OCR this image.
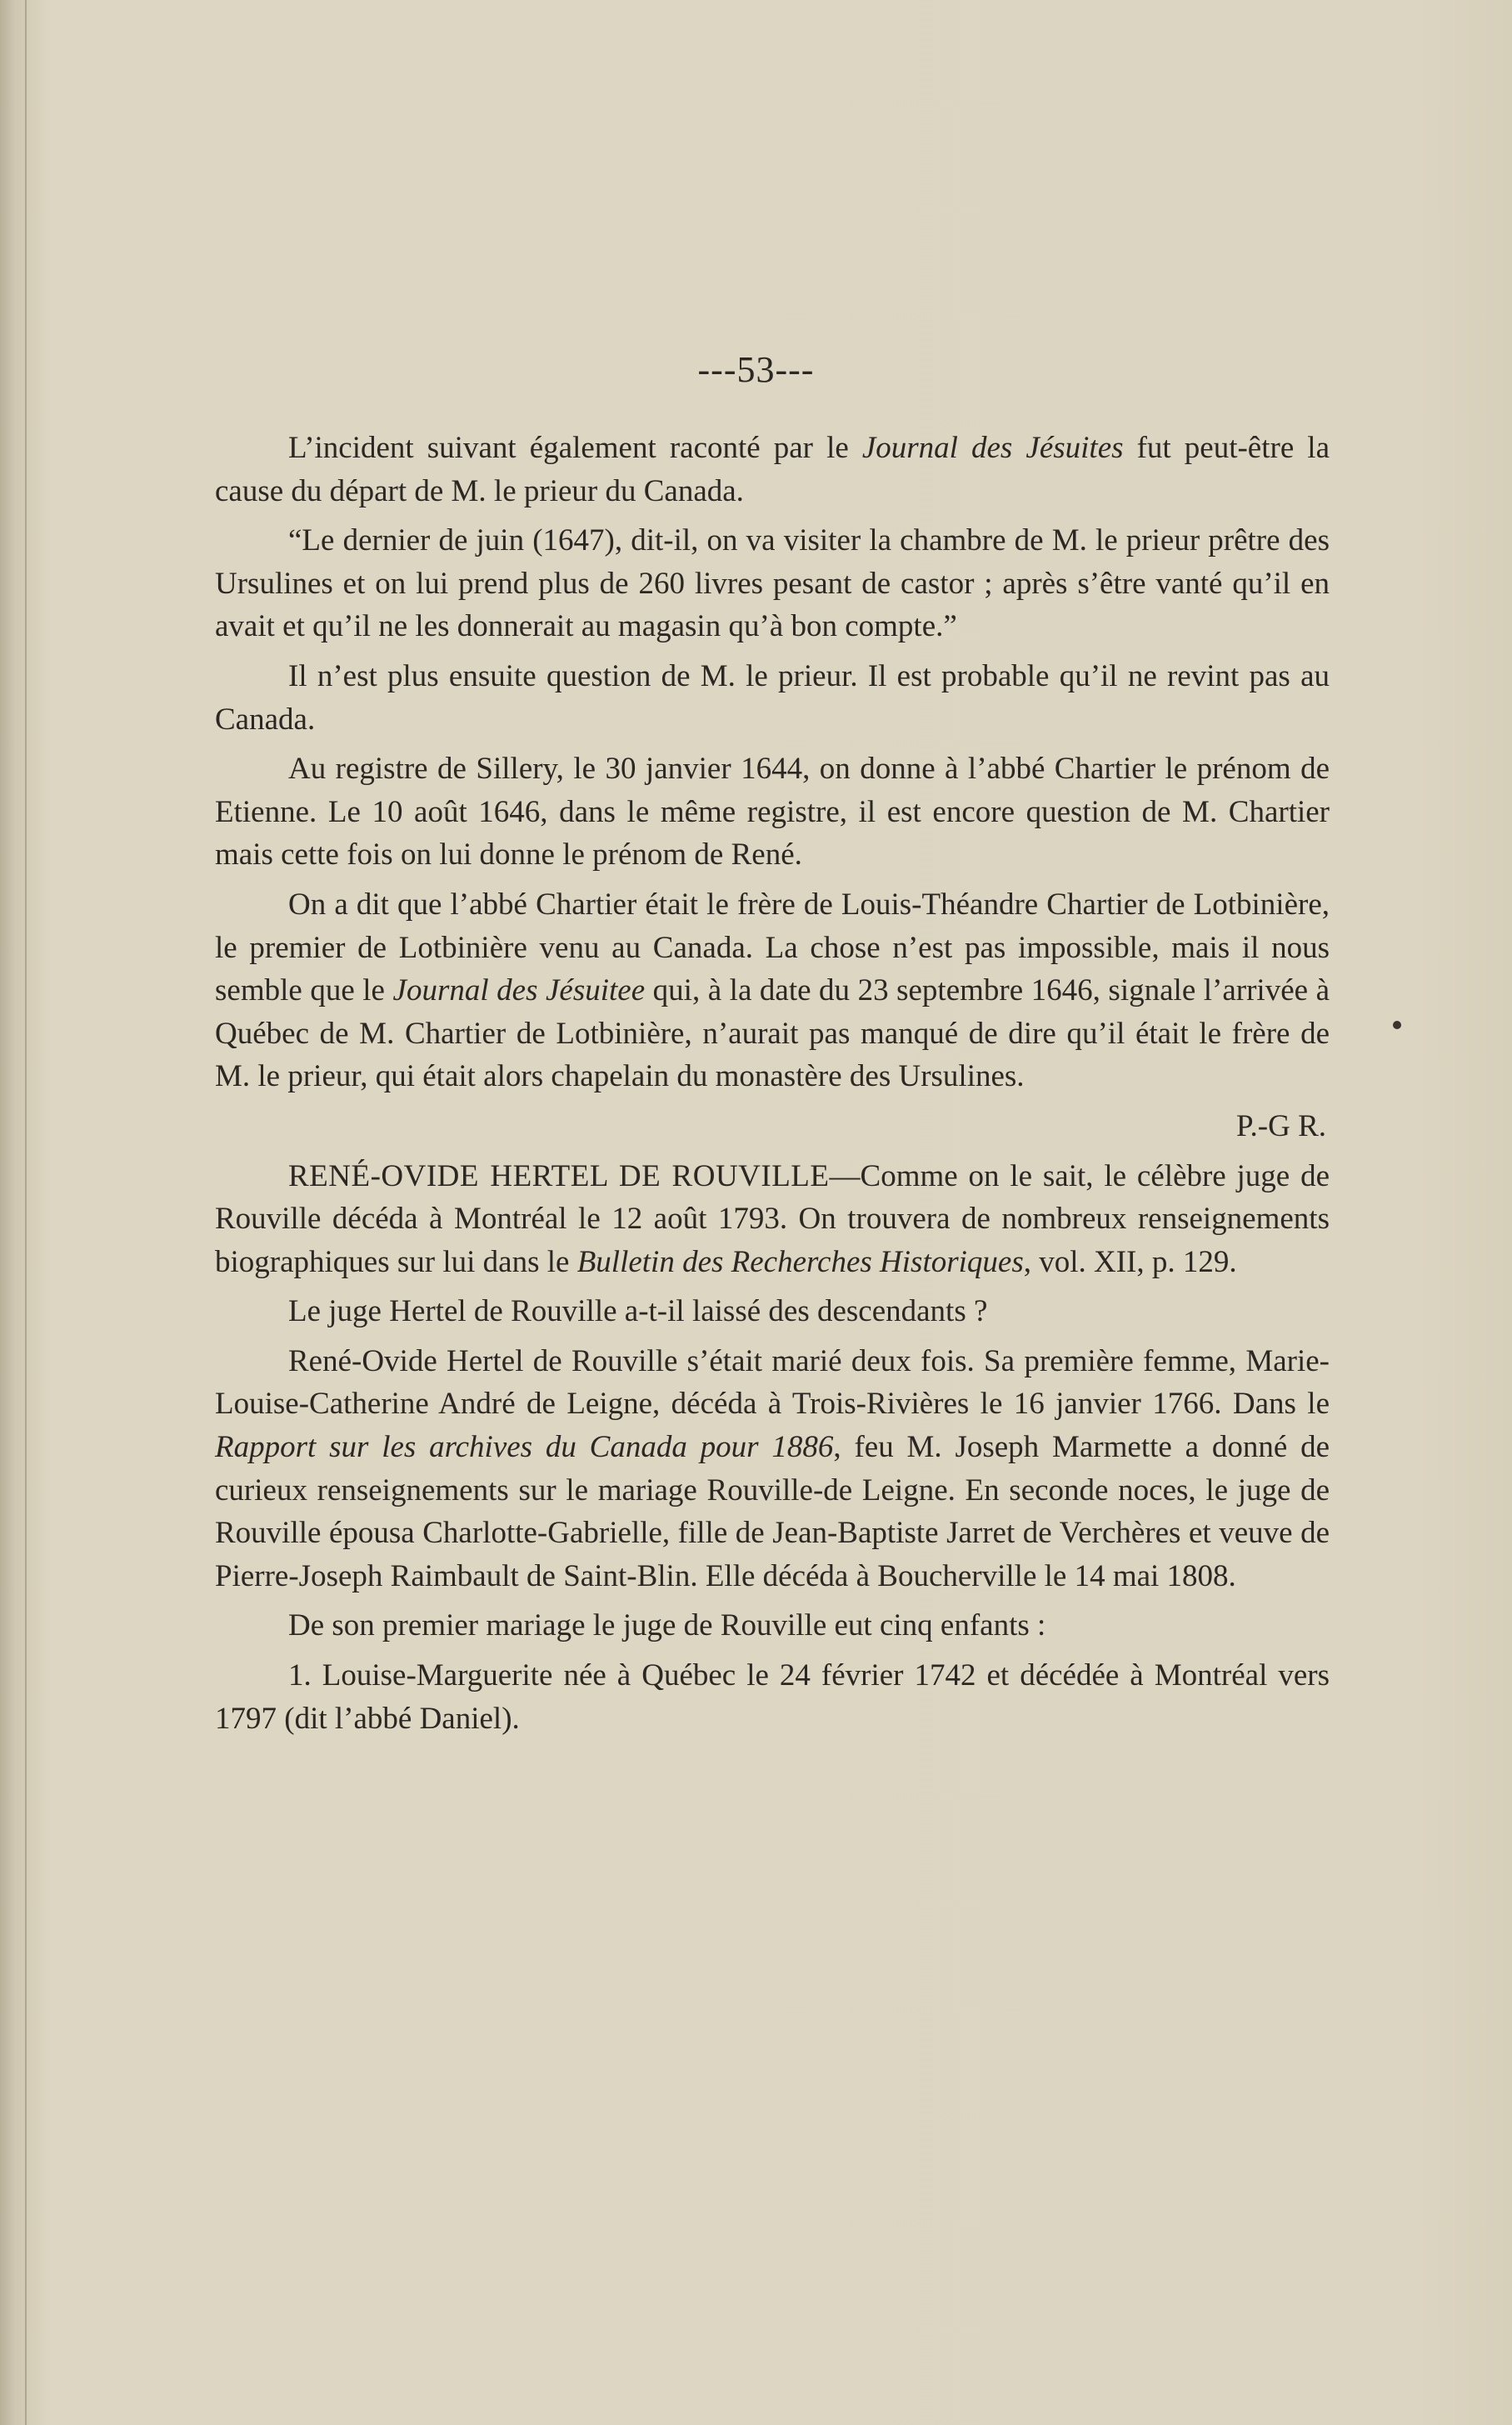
---53---

L’incident suivant également raconté par le Journal des Jésuites fut peut-être la cause du départ de M. le prieur du Canada.

“Le dernier de juin (1647), dit-il, on va visiter la chambre de M. le prieur prêtre des Ursulines et on lui prend plus de 260 livres pesant de castor ; après s’être vanté qu’il en avait et qu’il ne les donnerait au magasin qu’à bon compte.”

Il n’est plus ensuite question de M. le prieur. Il est probable qu’il ne revint pas au Canada.

Au registre de Sillery, le 30 janvier 1644, on donne à l’abbé Chartier le prénom de Etienne. Le 10 août 1646, dans le même registre, il est encore question de M. Chartier mais cette fois on lui donne le prénom de René.

On a dit que l’abbé Chartier était le frère de Louis-Théandre Chartier de Lotbinière, le premier de Lotbinière venu au Canada. La chose n’est pas impossible, mais il nous semble que le Journal des Jésuitee qui, à la date du 23 septembre 1646, signale l’arrivée à Québec de M. Chartier de Lotbinière, n’aurait pas manqué de dire qu’il était le frère de M. le prieur, qui était alors chapelain du monastère des Ursulines.

P.-G R.

RENÉ-OVIDE HERTEL DE ROUVILLE—Comme on le sait, le célèbre juge de Rouville décéda à Montréal le 12 août 1793. On trouvera de nombreux renseignements biographiques sur lui dans le Bulletin des Recherches Historiques, vol. XII, p. 129.

Le juge Hertel de Rouville a-t-il laissé des descendants ?

René-Ovide Hertel de Rouville s’était marié deux fois. Sa première femme, Marie-Louise-Catherine André de Leigne, décéda à Trois-Rivières le 16 janvier 1766. Dans le Rapport sur les archives du Canada pour 1886, feu M. Joseph Marmette a donné de curieux renseignements sur le mariage Rouville-de Leigne. En seconde noces, le juge de Rouville épousa Charlotte-Gabrielle, fille de Jean-Baptiste Jarret de Verchères et veuve de Pierre-Joseph Raimbault de Saint-Blin. Elle décéda à Boucherville le 14 mai 1808.

De son premier mariage le juge de Rouville eut cinq enfants :

1. Louise-Marguerite née à Québec le 24 février 1742 et décédée à Montréal vers 1797 (dit l’abbé Daniel).
